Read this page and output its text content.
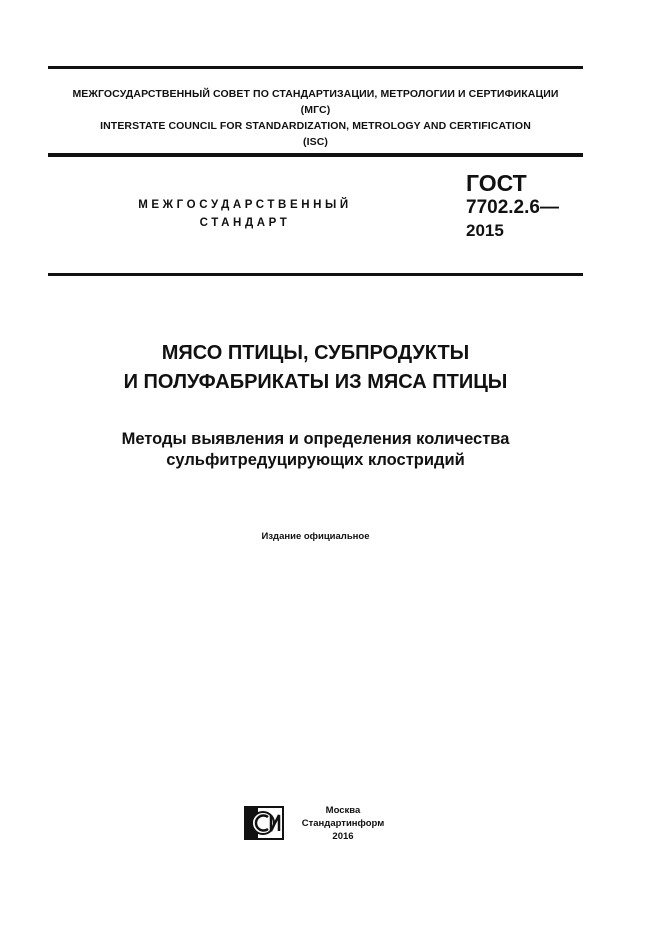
МЕЖГОСУДАРСТВЕННЫЙ СОВЕТ ПО СТАНДАРТИЗАЦИИ, МЕТРОЛОГИИ И СЕРТИФИКАЦИИ
(МГС)
INTERSTATE COUNCIL FOR STANDARDIZATION, METROLOGY AND CERTIFICATION
(ISC)
МЕЖГОСУДАРСТВЕННЫЙ
СТАНДАРТ
ГОСТ
7702.2.6—
2015
МЯСО ПТИЦЫ, СУБПРОДУКТЫ
И ПОЛУФАБРИКАТЫ ИЗ МЯСА ПТИЦЫ
Методы выявления и определения количества
сульфитредуцирующих клостридий
Издание официальное
Москва
Стандартинформ
2016
